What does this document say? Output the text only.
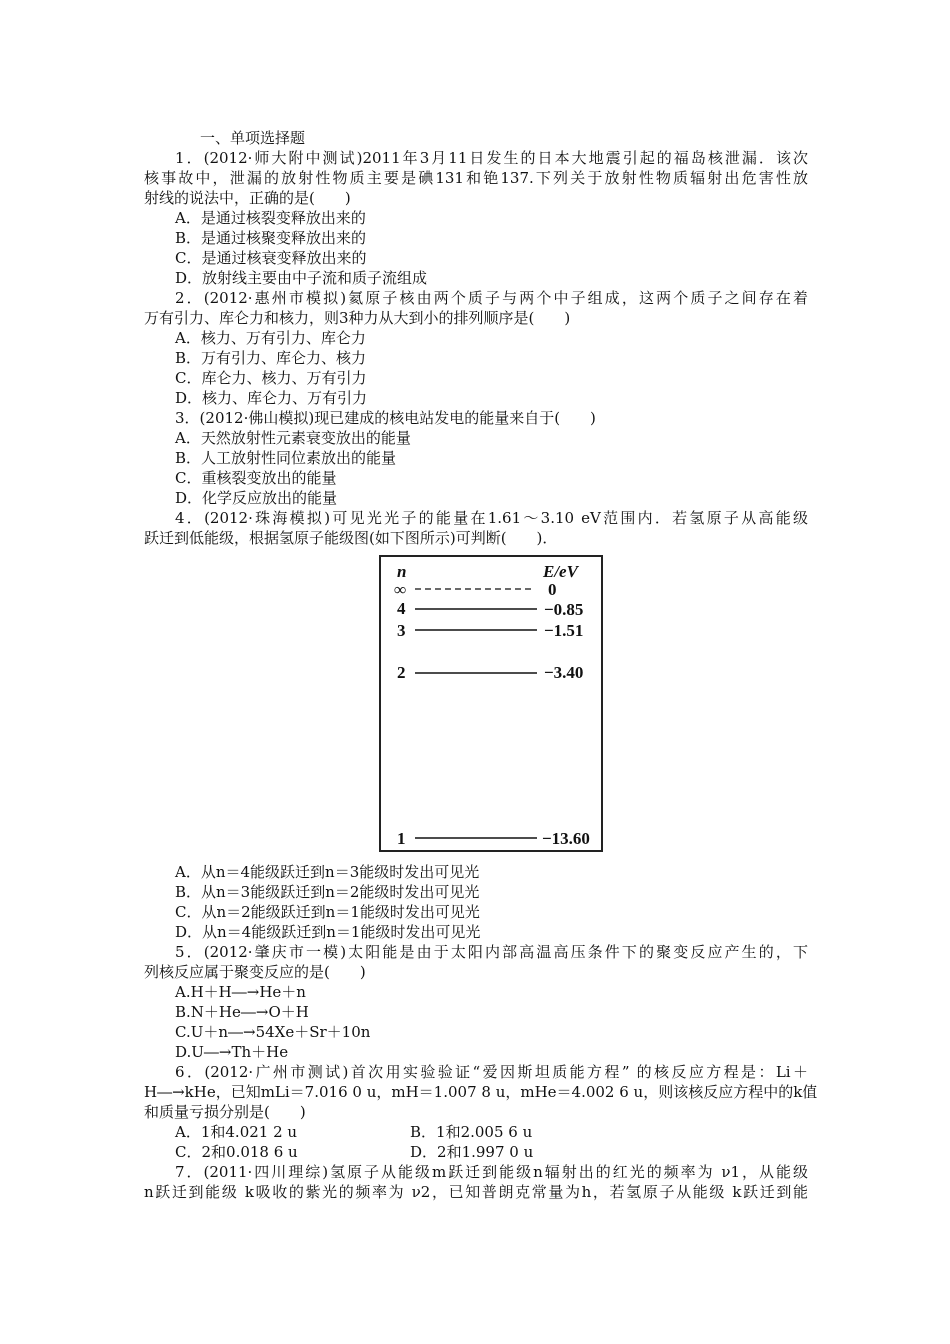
一、单项选择题
1．(2012·师大附中测试)2011年3月11日发生的日本大地震引起的福岛核泄漏．该次
核事故中，泄漏的放射性物质主要是碘131和铯137.下列关于放射性物质辐射出危害性放
射线的说法中，正确的是(　　)
A．是通过核裂变释放出来的
B．是通过核聚变释放出来的
C．是通过核衰变释放出来的
D．放射线主要由中子流和质子流组成
2．(2012·惠州市模拟)氦原子核由两个质子与两个中子组成，这两个质子之间存在着
万有引力、库仑力和核力，则3种力从大到小的排列顺序是(　　)
A．核力、万有引力、库仑力
B．万有引力、库仑力、核力
C．库仑力、核力、万有引力
D．核力、库仑力、万有引力
3．(2012·佛山模拟)现已建成的核电站发电的能量来自于(　　)
A．天然放射性元素衰变放出的能量
B．人工放射性同位素放出的能量
C．重核裂变放出的能量
D．化学反应放出的能量
4．(2012·珠海模拟)可见光光子的能量在1.61～3.10 eV范围内．若氢原子从高能级
跃迁到低能级，根据氢原子能级图(如下图所示)可判断(　　)．
n	E/eV
∞	0
4	−0.85
3	−1.51
2	−3.40
1	−13.60
A．从n＝4能级跃迁到n＝3能级时发出可见光
B．从n＝3能级跃迁到n＝2能级时发出可见光
C．从n＝2能级跃迁到n＝1能级时发出可见光
D．从n＝4能级跃迁到n＝1能级时发出可见光
5．(2012·肇庆市一模)太阳能是由于太阳内部高温高压条件下的聚变反应产生的，下
列核反应属于聚变反应的是(　　)
A.H＋H―→He＋n
B.N＋He―→O＋H
C.U＋n―→54Xe＋Sr＋10n
D.U―→Th＋He
6．(2012·广州市测试)首次用实验验证“爱因斯坦质能方程” 的核反应方程是：Li＋
H―→kHe，已知mLi＝7.016 0 u，mH＝1.007 8 u，mHe＝4.002 6 u，则该核反应方程中的k值
和质量亏损分别是(　　)
A．1和4.021 2 u	B．1和2.005 6 u
C．2和0.018 6 u	D．2和1.997 0 u
7．(2011·四川理综)氢原子从能级m跃迁到能级n辐射出的红光的频率为 ν1，从能级
n跃迁到能级 k吸收的紫光的频率为 ν2，已知普朗克常量为h，若氢原子从能级 k跃迁到能
